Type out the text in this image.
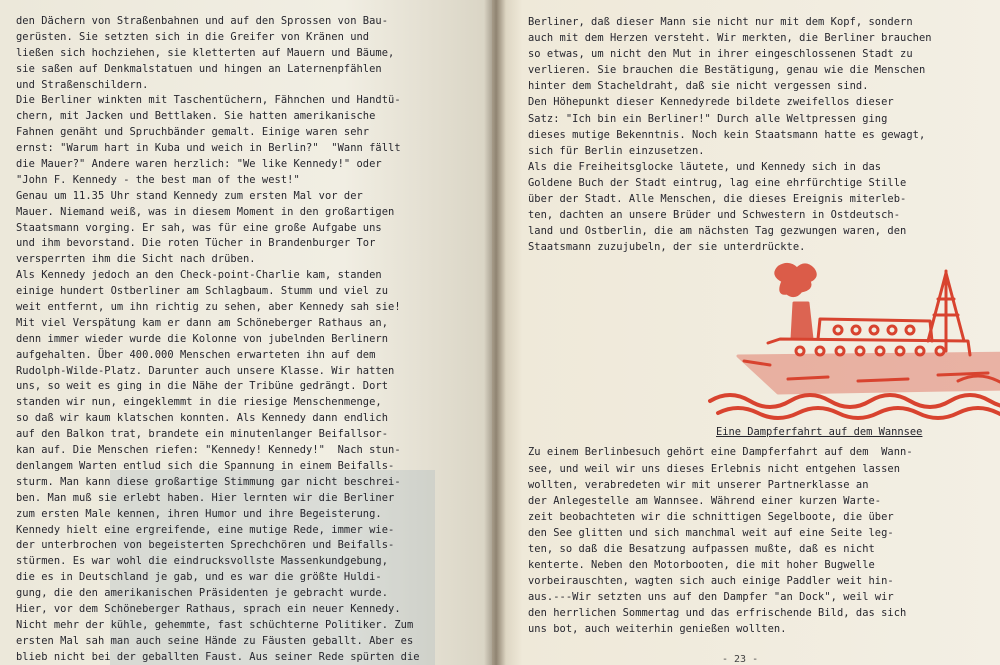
den Dächern von Straßenbahnen und auf den Sprossen von Bau-
gerüsten. Sie setzten sich in die Greifer von Kränen und
ließen sich hochziehen, sie kletterten auf Mauern und Bäume,
sie saßen auf Denkmalstatuen und hingen an Laternenpfählen
und Straßenschildern.
Die Berliner winkten mit Taschentüchern, Fähnchen und Handtü-
chern, mit Jacken und Bettlaken. Sie hatten amerikanische
Fahnen genäht und Spruchbänder gemalt. Einige waren sehr
ernst: "Warum hart in Kuba und weich in Berlin?"  "Wann fällt
die Mauer?" Andere waren herzlich: "We like Kennedy!" oder
"John F. Kennedy - the best man of the west!"
Genau um 11.35 Uhr stand Kennedy zum ersten Mal vor der
Mauer. Niemand weiß, was in diesem Moment in den großartigen
Staatsmann vorging. Er sah, was für eine große Aufgabe uns
und ihm bevorstand. Die roten Tücher in Brandenburger Tor
versperrten ihm die Sicht nach drüben.
Als Kennedy jedoch an den Check-point-Charlie kam, standen
einige hundert Ostberliner am Schlagbaum. Stumm und viel zu
weit entfernt, um ihn richtig zu sehen, aber Kennedy sah sie!
Mit viel Verspätung kam er dann am Schöneberger Rathaus an,
denn immer wieder wurde die Kolonne von jubelnden Berlinern
aufgehalten. Über 400.000 Menschen erwarteten ihn auf dem
Rudolph-Wilde-Platz. Darunter auch unsere Klasse. Wir hatten
uns, so weit es ging in die Nähe der Tribüne gedrängt. Dort
standen wir nun, eingeklemmt in die riesige Menschenmenge,
so daß wir kaum klatschen konnten. Als Kennedy dann endlich
auf den Balkon trat, brandete ein minutenlanger Beifallsor-
kan auf. Die Menschen riefen: "Kennedy! Kennedy!"  Nach stun-
denlangem Warten entlud sich die Spannung in einem Beifalls-
sturm. Man kann diese großartige Stimmung gar nicht beschrei-
ben. Man muß sie erlebt haben. Hier lernten wir die Berliner
zum ersten Male kennen, ihren Humor und ihre Begeisterung.
Kennedy hielt eine ergreifende, eine mutige Rede, immer wie-
der unterbrochen von begeisterten Sprechchören und Beifalls-
stürmen. Es war wohl die eindrucksvollste Massenkundgebung,
die es in Deutschland je gab, und es war die größte Huldi-
gung, die den amerikanischen Präsidenten je gebracht wurde.
Hier, vor dem Schöneberger Rathaus, sprach ein neuer Kennedy.
Nicht mehr der kühle, gehemmte, fast schüchterne Politiker. Zum
ersten Mal sah man auch seine Hände zu Fäusten geballt. Aber es
blieb nicht bei der geballten Faust. Aus seiner Rede spürten die
Berliner, daß dieser Mann sie nicht nur mit dem Kopf, sondern
auch mit dem Herzen versteht. Wir merkten, die Berliner brauchen
so etwas, um nicht den Mut in ihrer eingeschlossenen Stadt zu
verlieren. Sie brauchen die Bestätigung, genau wie die Menschen
hinter dem Stacheldraht, daß sie nicht vergessen sind.
Den Höhepunkt dieser Kennedyrede bildete zweifellos dieser
Satz: "Ich bin ein Berliner!" Durch alle Weltpressen ging
dieses mutige Bekenntnis. Noch kein Staatsmann hatte es gewagt,
sich für Berlin einzusetzen.
Als die Freiheitsglocke läutete, und Kennedy sich in das
Goldene Buch der Stadt eintrug, lag eine ehrfürchtige Stille
über der Stadt. Alle Menschen, die dieses Ereignis miterleb-
ten, dachten an unsere Brüder und Schwestern in Ostdeutsch-
land und Ostberlin, die am nächsten Tag gezwungen waren, den
Staatsmann zuzujubeln, der sie unterdrückte.
Eine Dampferfahrt auf dem Wannsee
Zu einem Berlinbesuch gehört eine Dampferfahrt auf dem  Wann-
see, und weil wir uns dieses Erlebnis nicht entgehen lassen
wollten, verabredeten wir mit unserer Partnerklasse an
der Anlegestelle am Wannsee. Während einer kurzen Warte-
zeit beobachteten wir die schnittigen Segelboote, die über
den See glitten und sich manchmal weit auf eine Seite leg-
ten, so daß die Besatzung aufpassen mußte, daß es nicht
kenterte. Neben den Motorbooten, die mit hoher Bugwelle
vorbeirauschten, wagten sich auch einige Paddler weit hin-
aus.---Wir setzten uns auf den Dampfer "an Dock", weil wir
den herrlichen Sommertag und das erfrischende Bild, das sich
uns bot, auch weiterhin genießen wollten.
- 23 -
